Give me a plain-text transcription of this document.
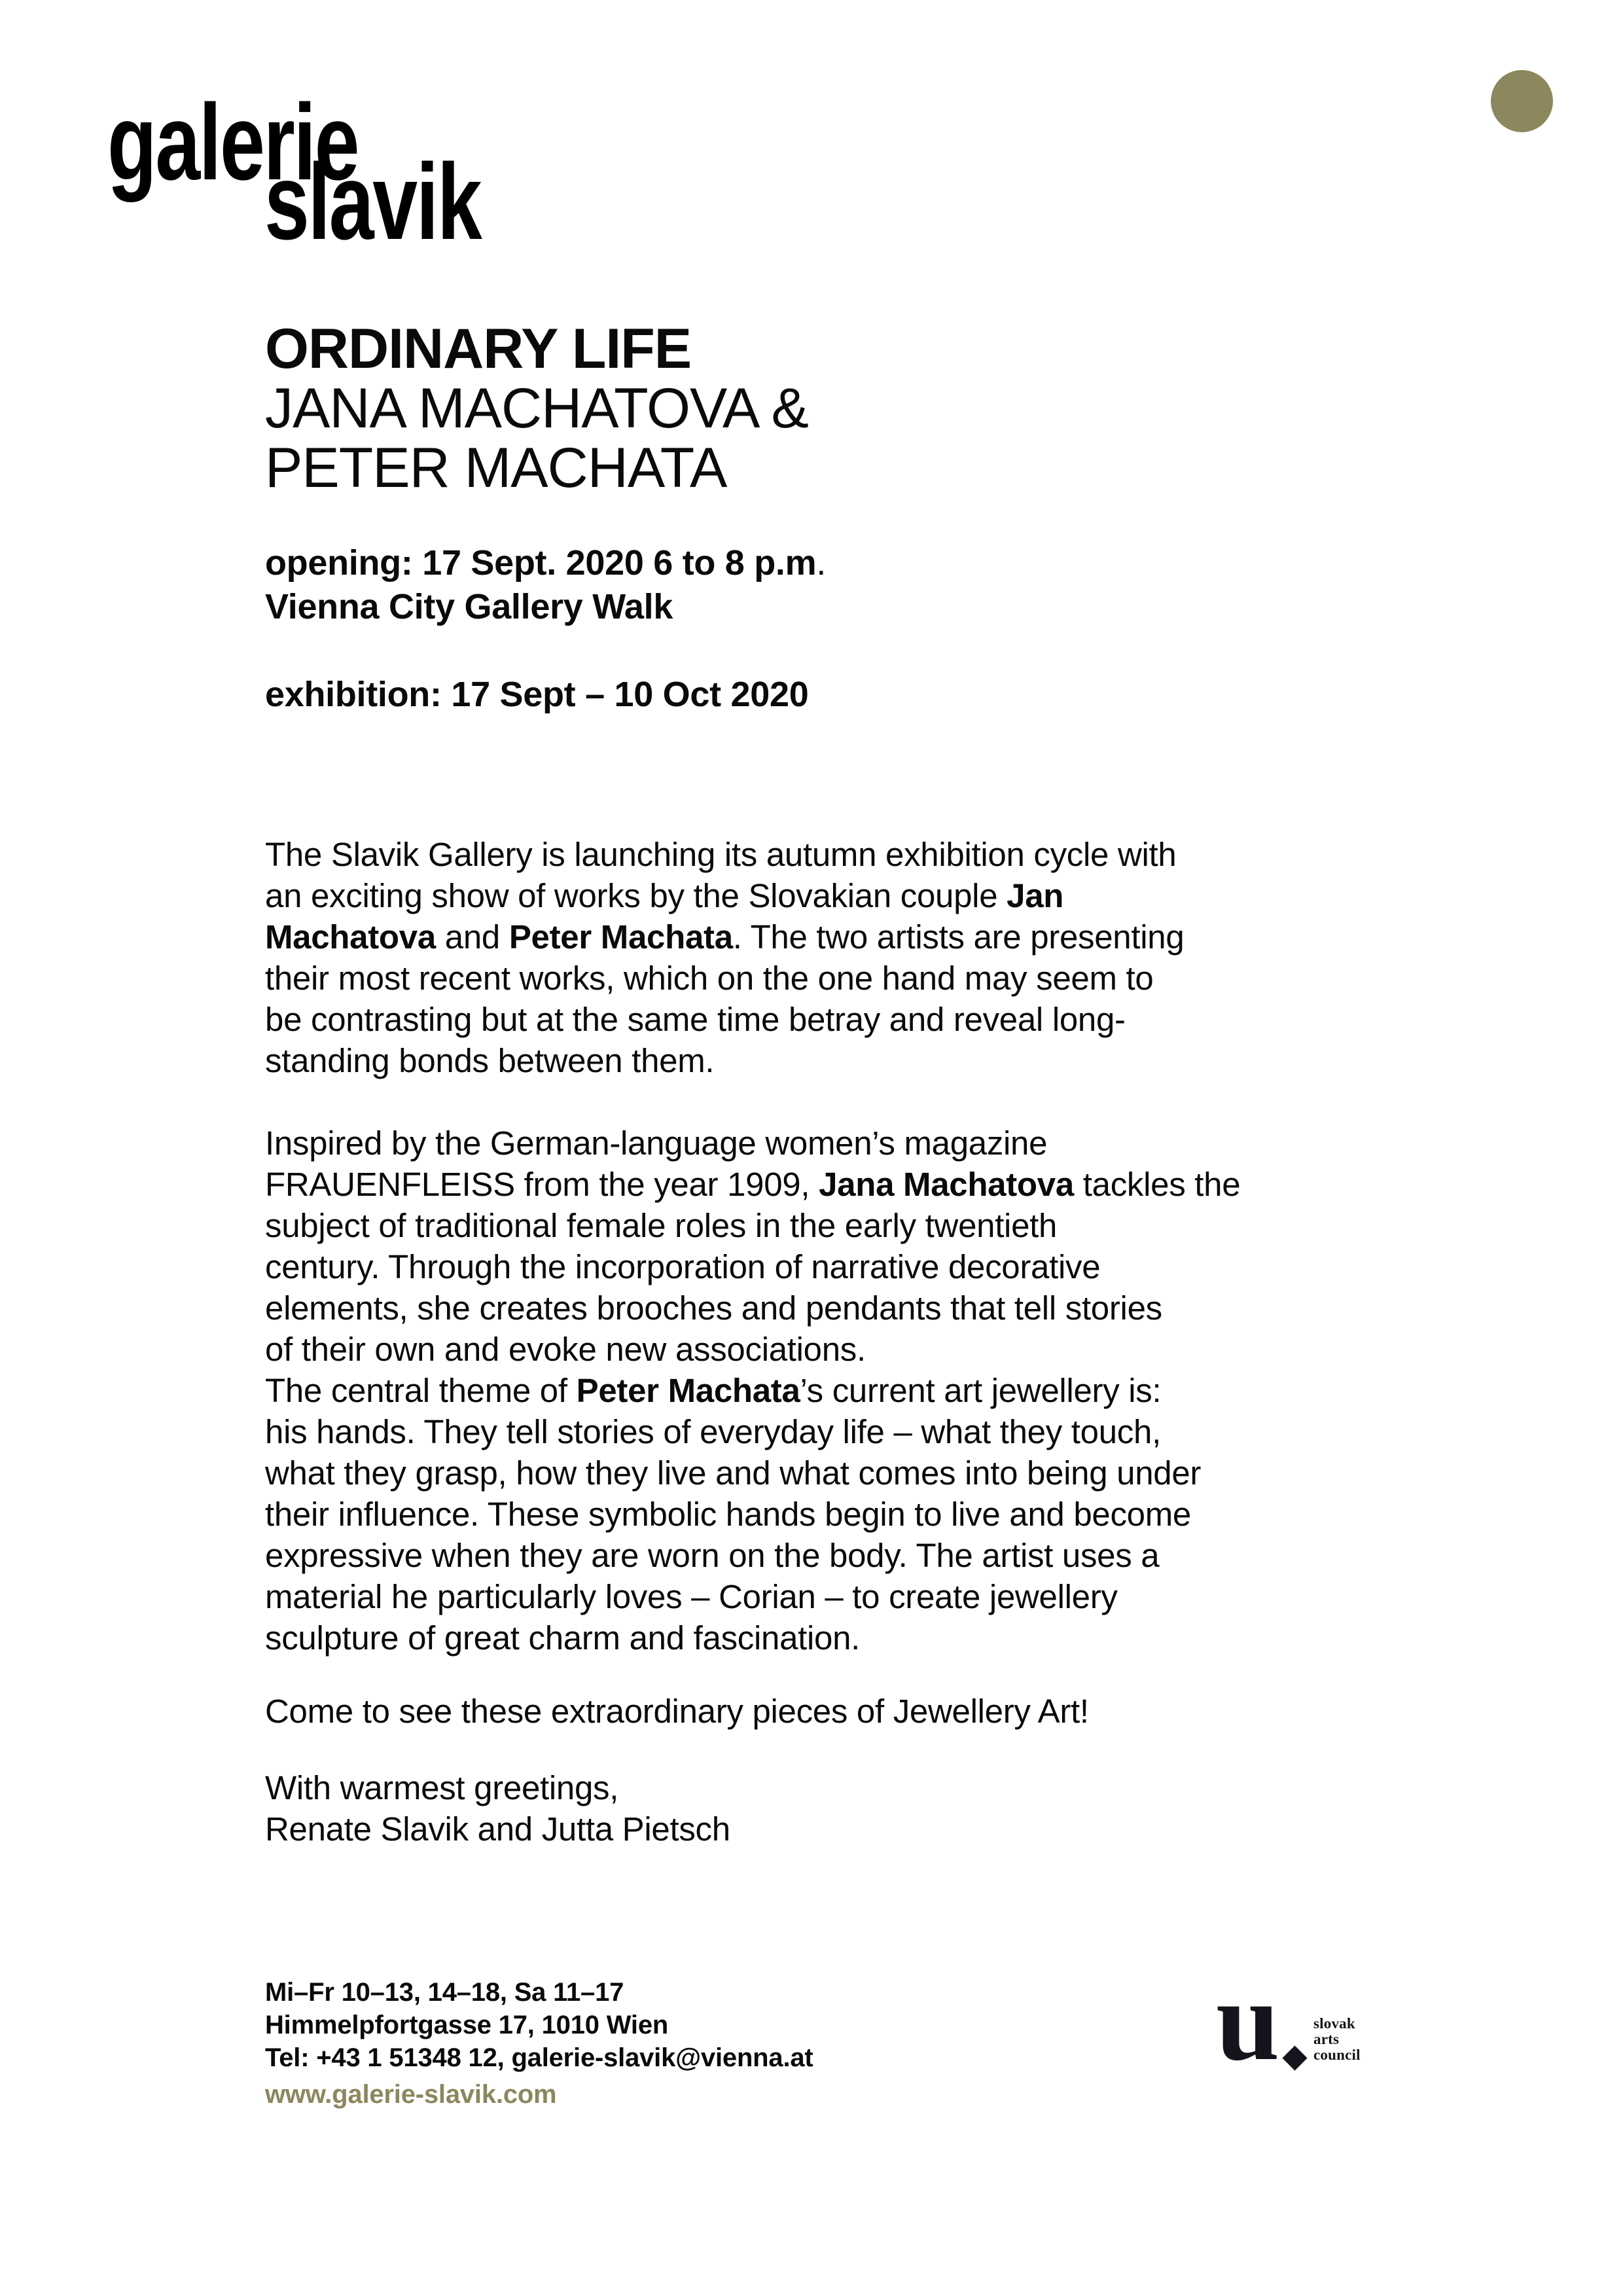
galerie
slavik
ORDINARY LIFE
JANA MACHATOVA &
PETER MACHATA
opening: 17 Sept. 2020 6 to 8 p.m.
Vienna City Gallery Walk

exhibition: 17 Sept – 10 Oct 2020
The Slavik Gallery is launching its autumn exhibition cycle with
an exciting show of works by the Slovakian couple Jan
Machatova and Peter Machata. The two artists are presenting
their most recent works, which on the one hand may seem to
be contrasting but at the same time betray and reveal long-
standing bonds between them.
Inspired by the German-language women’s magazine
FRAUENFLEISS from the year 1909, Jana Machatova tackles the
subject of traditional female roles in the early twentieth
century. Through the incorporation of narrative decorative
elements, she creates brooches and pendants that tell stories
of their own and evoke new associations.
The central theme of Peter Machata’s current art jewellery is:
his hands. They tell stories of everyday life – what they touch,
what they grasp, how they live and what comes into being under
their influence. These symbolic hands begin to live and become
expressive when they are worn on the body. The artist uses a
material he particularly loves – Corian – to create jewellery
sculpture of great charm and fascination.
Come to see these extraordinary pieces of Jewellery Art!
With warmest greetings,
Renate Slavik and Jutta Pietsch
Mi–Fr 10–13, 14–18, Sa 11–17
Himmelpfortgasse 17, 1010 Wien
Tel: +43 1 51348 12, galerie-slavik@vienna.at
www.galerie-slavik.com
u slovak
arts
council
